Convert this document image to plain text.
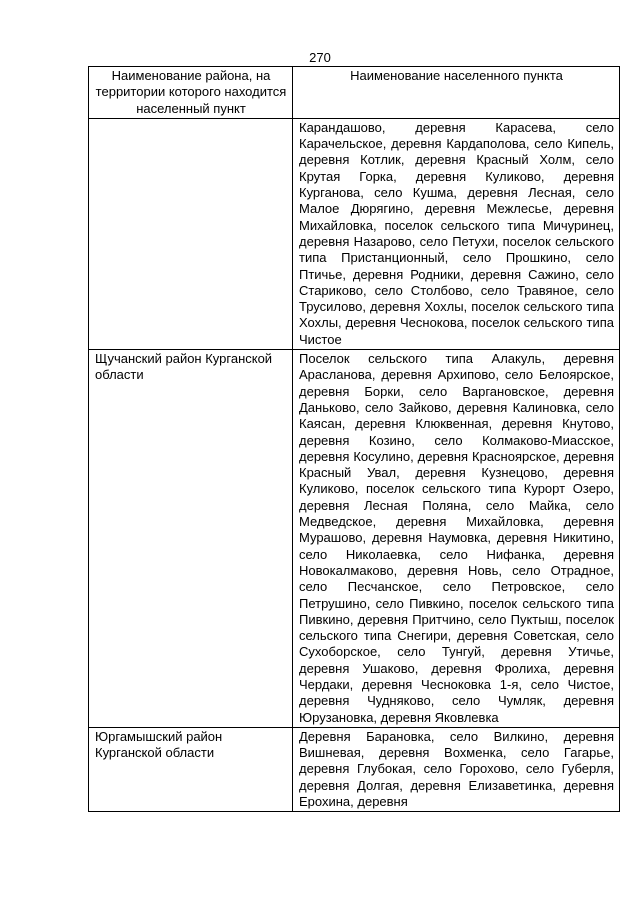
270
Наименование района, на территории которого находится населенный пункт	Наименование населенного пункта
	Карандашово, деревня Карасева, село Карачельское, деревня Кардаполова, село Кипель, деревня Котлик, деревня Красный Холм, село Крутая Горка, деревня Куликово, деревня Курганова, село Кушма, деревня Лесная, село Малое Дюрягино, деревня Межлесье, деревня Михайловка, поселок сельского типа Мичуринец, деревня Назарово, село Петухи, поселок сельского типа Пристанционный, село Прошкино, село Птичье, деревня Родники, деревня Сажино, село Стариково, село Столбово, село Травяное, село Трусилово, деревня Хохлы, поселок сельского типа Хохлы, деревня Чеснокова, поселок сельского типа Чистое
Щучанский район Курганской области	Поселок сельского типа Алакуль, деревня Арасланова, деревня Архипово, село Белоярское, деревня Борки, село Варгановское, деревня Даньково, село Зайково, деревня Калиновка, село Каясан, деревня Клюквенная, деревня Кнутово, деревня Козино, село Колмаково-Миасское, деревня Косулино, деревня Красноярское, деревня Красный Увал, деревня Кузнецово, деревня Куликово, поселок сельского типа Курорт Озеро, деревня Лесная Поляна, село Майка, село Медведское, деревня Михайловка, деревня Мурашово, деревня Наумовка, деревня Никитино, село Николаевка, село Нифанка, деревня Новокалмаково, деревня Новь, село Отрадное, село Песчанское, село Петровское, село Петрушино, село Пивкино, поселок сельского типа Пивкино, деревня Притчино, село Пуктыш, поселок сельского типа Снегири, деревня Советская, село Сухоборское, село Тунгуй, деревня Утичье, деревня Ушаково, деревня Фролиха, деревня Чердаки, деревня Чесноковка 1-я, село Чистое, деревня Чудняково, село Чумляк, деревня Юрузановка, деревня Яковлевка
Юргамышский район Курганской области	Деревня Барановка, село Вилкино, деревня Вишневая, деревня Вохменка, село Гагарье, деревня Глубокая, село Горохово, село Губерля, деревня Долгая, деревня Елизаветинка, деревня Ерохина, деревня
